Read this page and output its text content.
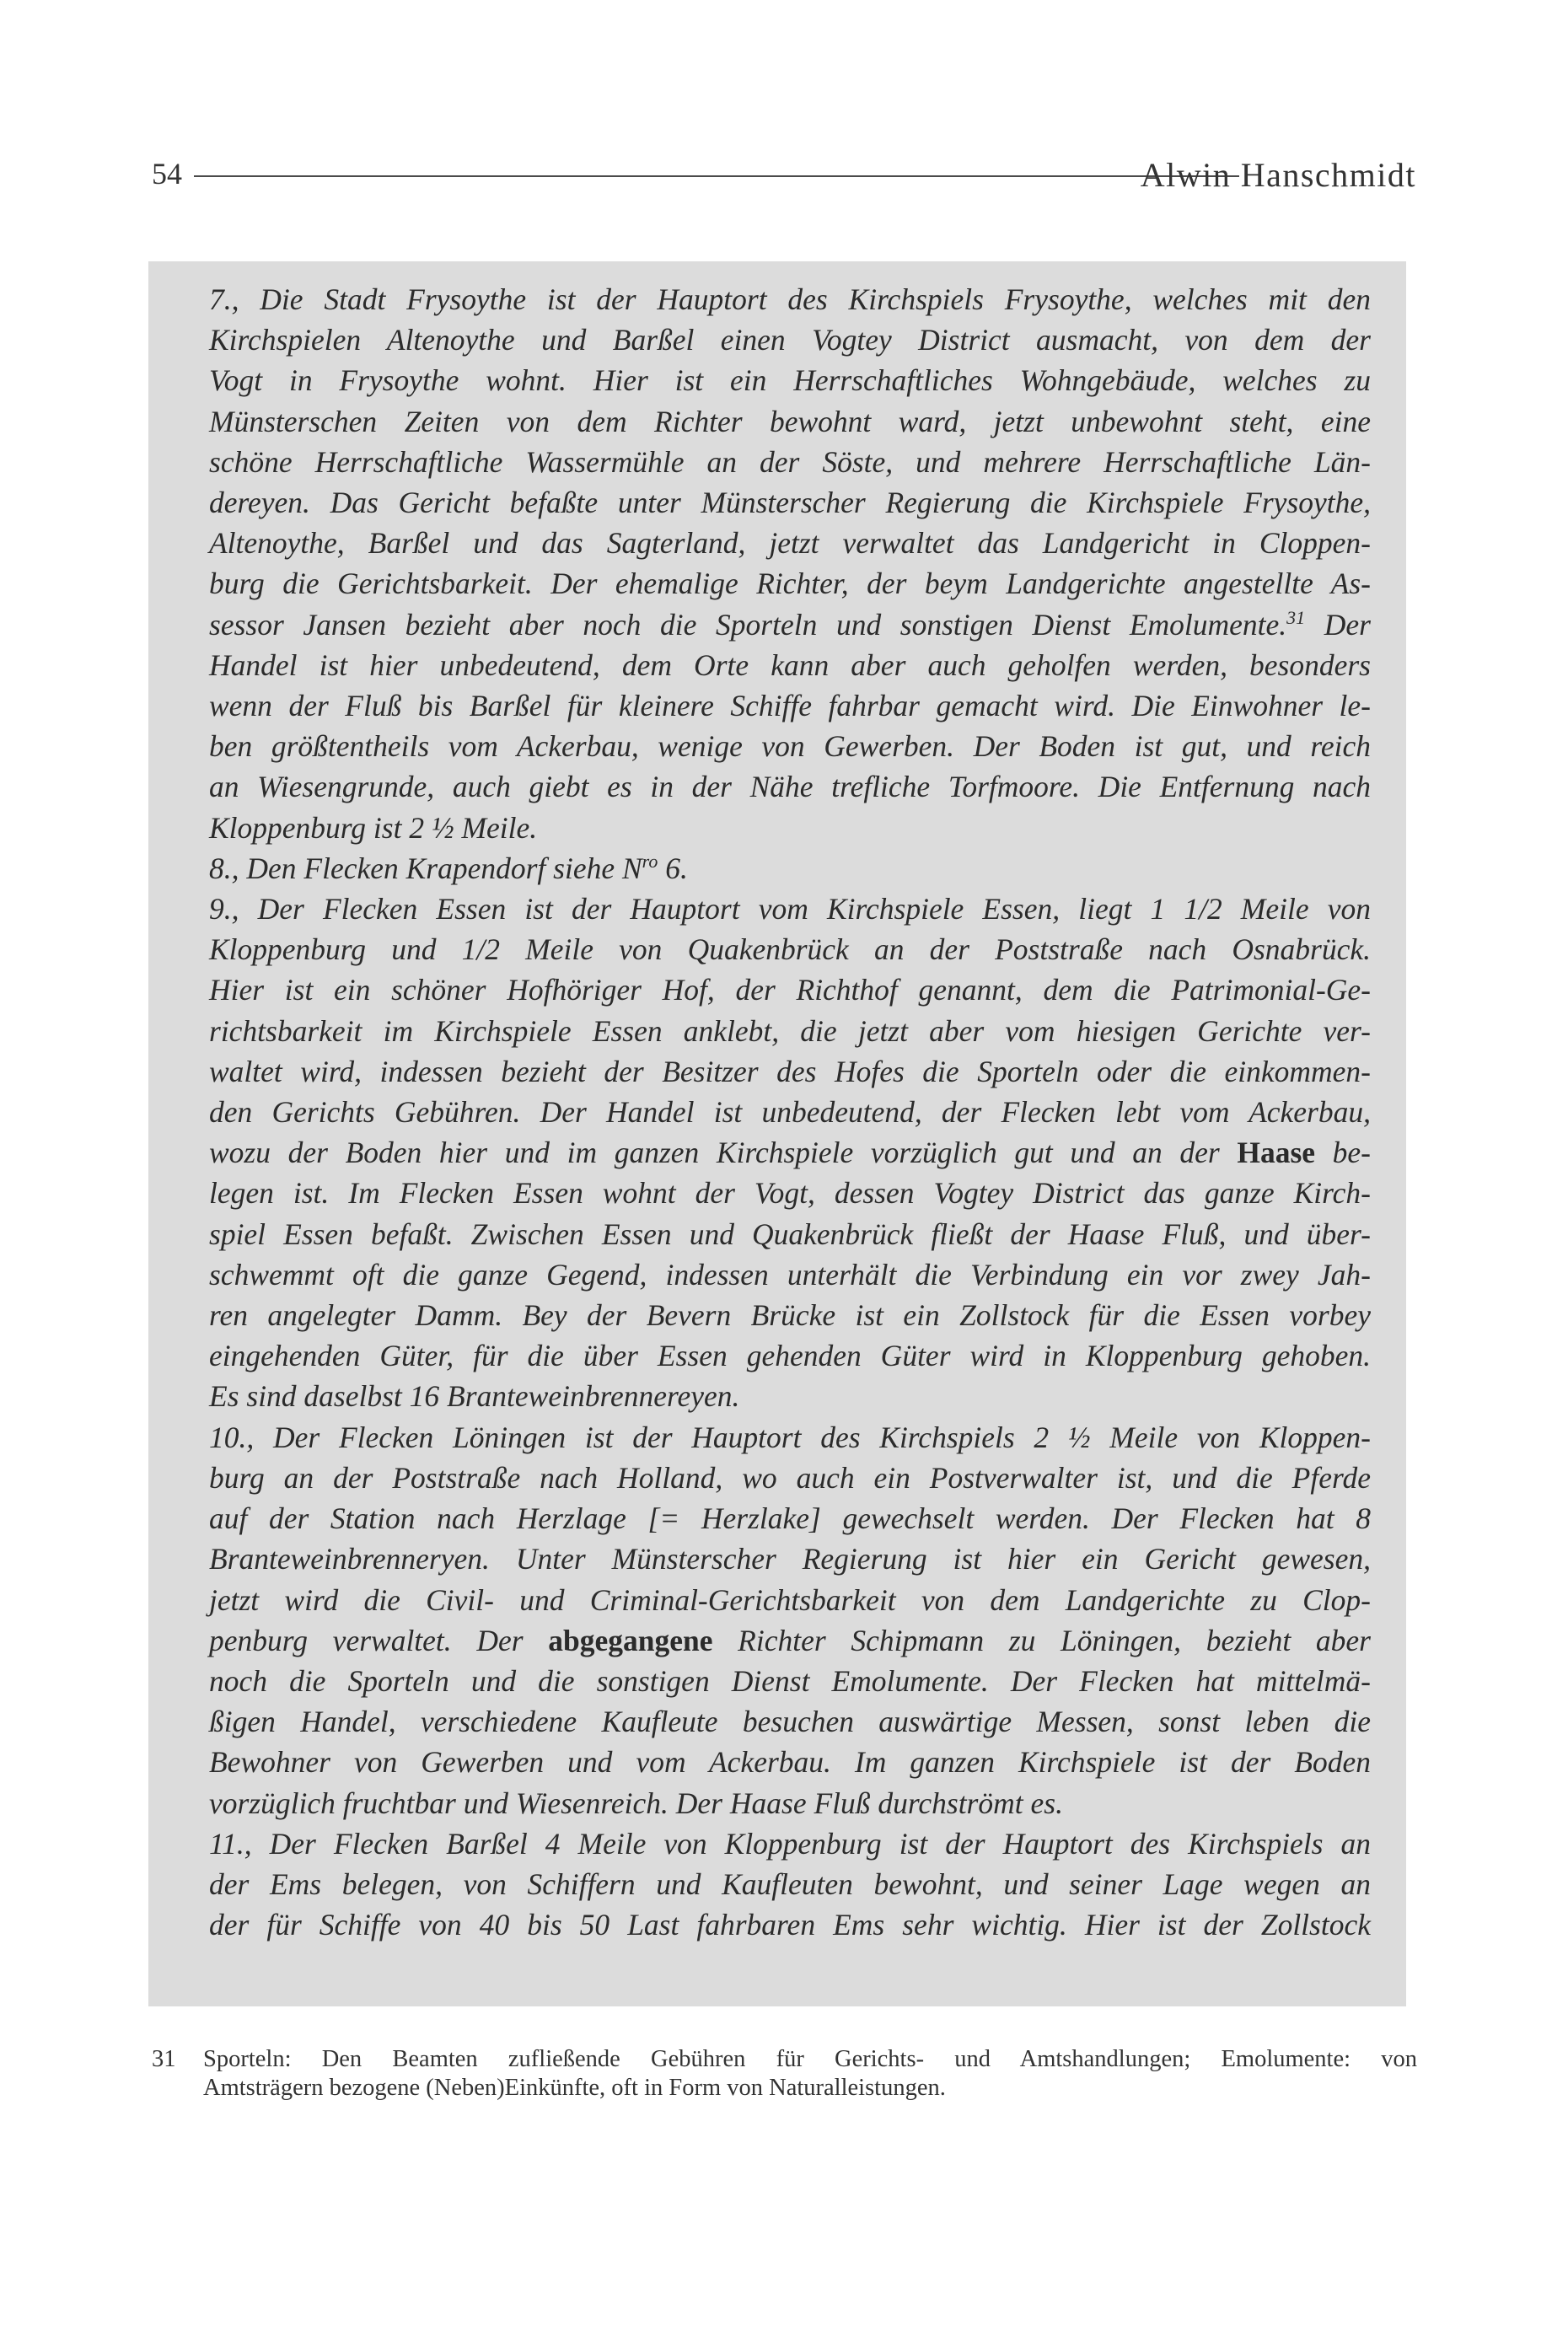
54	Alwin Hanschmidt
7., Die Stadt Frysoythe ist der Hauptort des Kirchspiels Frysoythe, welches mit den
Kirchspielen Altenoythe und Barßel einen Vogtey District ausmacht, von dem der
Vogt in Frysoythe wohnt. Hier ist ein Herrschaftliches Wohngebäude, welches zu
Münsterschen Zeiten von dem Richter bewohnt ward, jetzt unbewohnt steht, eine
schöne Herrschaftliche Wassermühle an der Söste, und mehrere Herrschaftliche Län-
dereyen. Das Gericht befaßte unter Münsterscher Regierung die Kirchspiele Frysoythe,
Altenoythe, Barßel und das Sagterland, jetzt verwaltet das Landgericht in Cloppen-
burg die Gerichtsbarkeit. Der ehemalige Richter, der beym Landgerichte angestellte As-
sessor Jansen bezieht aber noch die Sporteln und sonstigen Dienst Emolumente.$^{31}$ Der
Handel ist hier unbedeutend, dem Orte kann aber auch geholfen werden, besonders
wenn der Fluß bis Barßel für kleinere Schiffe fahrbar gemacht wird. Die Einwohner le-
ben größtentheils vom Ackerbau, wenige von Gewerben. Der Boden ist gut, und reich
an Wiesengrunde, auch giebt es in der Nähe trefliche Torfmoore. Die Entfernung nach
Kloppenburg ist 2 ½ Meile.
8., Den Flecken Krapendorf siehe $N^{ro}$ 6.
9., Der Flecken Essen ist der Hauptort vom Kirchspiele Essen, liegt 1 1/2 Meile von
Kloppenburg und 1/2 Meile von Quakenbrück an der Poststraße nach Osnabrück.
Hier ist ein schöner Hofhöriger Hof, der Richthof genannt, dem die Patrimonial-Ge-
richtsbarkeit im Kirchspiele Essen anklebt, die jetzt aber vom hiesigen Gerichte ver-
waltet wird, indessen bezieht der Besitzer des Hofes die Sporteln oder die einkommen-
den Gerichts Gebühren. Der Handel ist unbedeutend, der Flecken lebt vom Ackerbau,
wozu der Boden hier und im ganzen Kirchspiele vorzüglich gut und an der Haase be-
legen ist. Im Flecken Essen wohnt der Vogt, dessen Vogtey District das ganze Kirch-
spiel Essen befaßt. Zwischen Essen und Quakenbrück fließt der Haase Fluß, und über-
schwemmt oft die ganze Gegend, indessen unterhält die Verbindung ein vor zwey Jah-
ren angelegter Damm. Bey der Bevern Brücke ist ein Zollstock für die Essen vorbey
eingehenden Güter, für die über Essen gehenden Güter wird in Kloppenburg gehoben.
Es sind daselbst 16 Branteweinbrennereyen.
10., Der Flecken Löningen ist der Hauptort des Kirchspiels 2 ½ Meile von Kloppen-
burg an der Poststraße nach Holland, wo auch ein Postverwalter ist, und die Pferde
auf der Station nach Herzlage [= Herzlake] gewechselt werden. Der Flecken hat 8
Branteweinbrenneryen. Unter Münsterscher Regierung ist hier ein Gericht gewesen,
jetzt wird die Civil- und Criminal-Gerichtsbarkeit von dem Landgerichte zu Clop-
penburg verwaltet. Der abgegangene Richter Schipmann zu Löningen, bezieht aber
noch die Sporteln und die sonstigen Dienst Emolumente. Der Flecken hat mittelmä-
ßigen Handel, verschiedene Kaufleute besuchen auswärtige Messen, sonst leben die
Bewohner von Gewerben und vom Ackerbau. Im ganzen Kirchspiele ist der Boden
vorzüglich fruchtbar und Wiesenreich. Der Haase Fluß durchströmt es.
11., Der Flecken Barßel 4 Meile von Kloppenburg ist der Hauptort des Kirchspiels an
der Ems belegen, von Schiffern und Kaufleuten bewohnt, und seiner Lage wegen an
der für Schiffe von 40 bis 50 Last fahrbaren Ems sehr wichtig. Hier ist der Zollstock
31 Sporteln: Den Beamten zufließende Gebühren für Gerichts- und Amtshandlungen; Emolumente: von
Amtsträgern bezogene (Neben)Einkünfte, oft in Form von Naturalleistungen.
